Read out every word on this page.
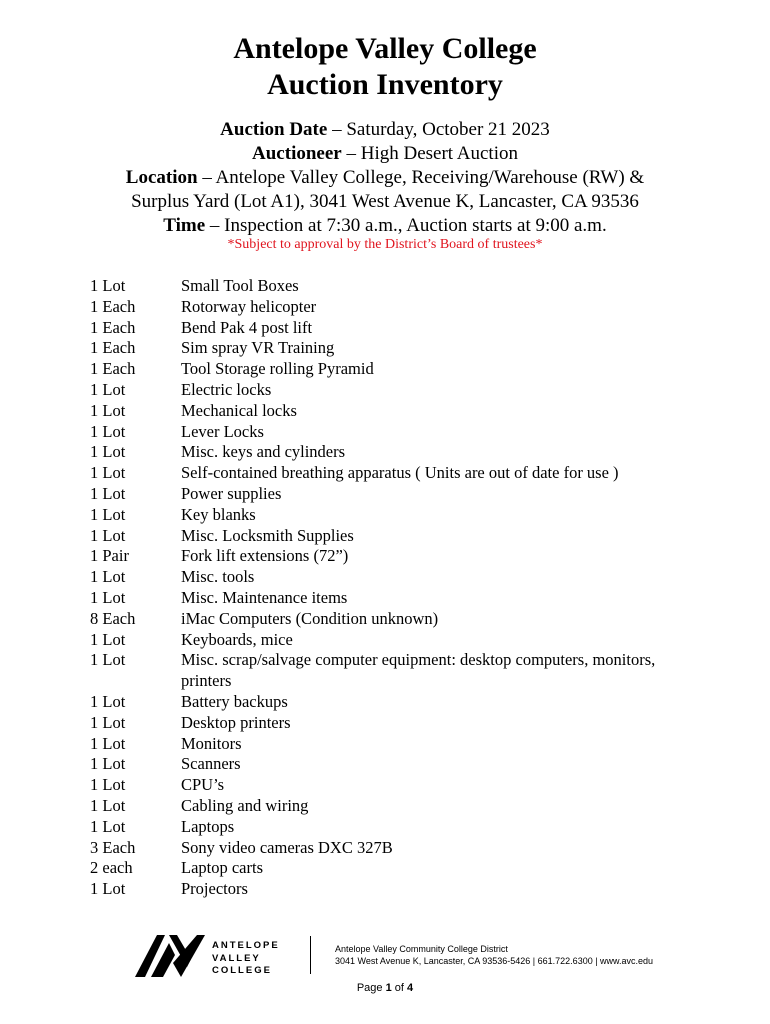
Antelope Valley College
Auction Inventory
Auction Date – Saturday, October 21 2023
Auctioneer – High Desert Auction
Location – Antelope Valley College, Receiving/Warehouse (RW) &
Surplus Yard (Lot A1), 3041 West Avenue K, Lancaster, CA 93536
Time – Inspection at 7:30 a.m., Auction starts at 9:00 a.m.
*Subject to approval by the District’s Board of trustees*
1 Lot	Small Tool Boxes
1 Each	Rotorway helicopter
1 Each	Bend Pak 4 post lift
1 Each	Sim spray VR Training
1 Each	Tool Storage rolling Pyramid
1 Lot	Electric locks
1 Lot	Mechanical locks
1 Lot	Lever Locks
1 Lot	Misc. keys and cylinders
1 Lot	Self-contained breathing apparatus ( Units are out of date for use )
1 Lot	Power supplies
1 Lot	Key blanks
1 Lot	Misc. Locksmith Supplies
1 Pair	Fork lift extensions (72”)
1 Lot	Misc. tools
1 Lot	Misc. Maintenance items
8 Each	iMac Computers (Condition unknown)
1 Lot	Keyboards, mice
1 Lot	Misc. scrap/salvage computer equipment: desktop computers, monitors, printers
1 Lot	Battery backups
1 Lot	Desktop printers
1 Lot	Monitors
1 Lot	Scanners
1 Lot	CPU’s
1 Lot	Cabling and wiring
1 Lot	Laptops
3 Each	Sony video cameras DXC 327B
2 each	Laptop carts
1 Lot	Projectors
ANTELOPE
VALLEY
COLLEGE
Antelope Valley Community College District
3041 West Avenue K, Lancaster, CA 93536-5426 | 661.722.6300 | www.avc.edu
Page 1 of 4
